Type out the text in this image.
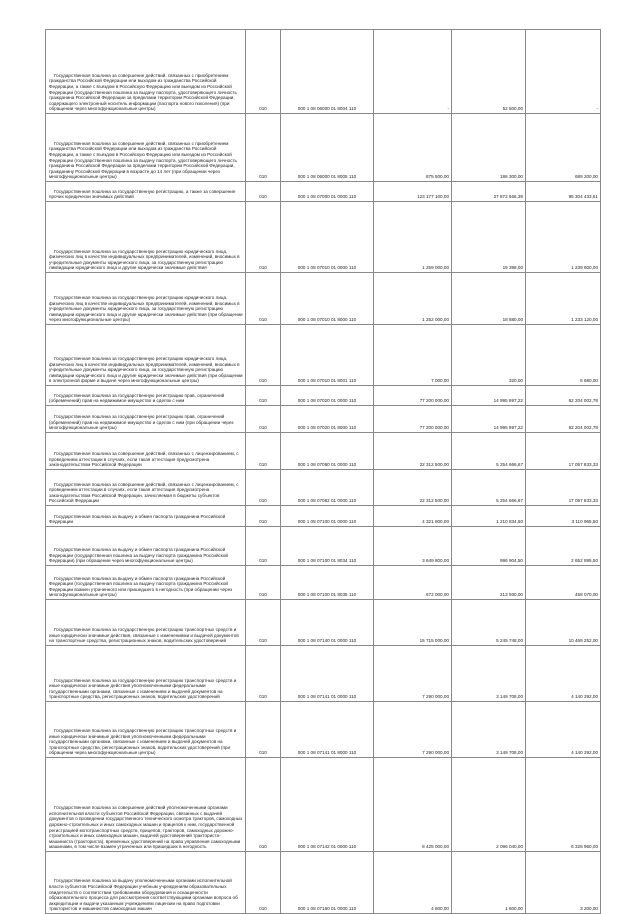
Государственная пошлина за совершение действий, связанных с приобретением гражданства Российской Федерации или выходом из гражданства Российской Федерации, а также с въездом в Российскую Федерацию или выездом из Российской Федерации (государственная пошлина за выдачу паспорта, удостоверяющего личность гражданина Российской Федерации за пределами территории Российской Федерации, содержащего электронный носитель информации (паспорта нового поколения) (при обращении через многофункциональные центры)	010	000 1 08 06000 01 8004 110	-	52 500,00	-

Государственная пошлина за совершение действий, связанных с приобретением гражданства Российской Федерации или выходом из гражданства Российской Федерации, а также с въездом в Российскую Федерацию или выездом из Российской Федерации (государственная пошлина за выдачу паспорта, удостоверяющего личность гражданина Российской Федерации за пределами территории Российской Федерации, гражданину Российской Федерации в возрасте до 14 лет (при обращении через многофункциональные центры)	010	000 1 08 06000 01 8005 110	875 500,00	186 300,00	689 200,00

Государственная пошлина за государственную регистрацию, а также за совершение прочих юридически значимых действий	010	000 1 08 07000 01 0000 110	123 177 100,00	27 872 666,39	95 304 433,61

Государственная пошлина за государственную регистрацию юридического лица, физических лиц в качестве индивидуальных предпринимателей, изменений, вносимых в учредительные документы юридического лица, за государственную регистрацию ликвидации юридического лица и другие юридически значимые действия	010	000 1 08 07010 01 0000 110	1 259 000,00	19 398,00	1 239 600,00

Государственная пошлина за государственную регистрацию юридического лица, физических лиц в качестве индивидуальных предпринимателей, изменений, вносимых в учредительные документы юридического лица, за государственную регистрацию ликвидации юридического лица и другие юридически значимые действия (при обращении через многофункциональные центры)	010	000 1 08 07010 01 8000 110	1 252 000,00	18 880,00	1 233 120,00

Государственная пошлина за государственную регистрацию юридического лица, физических лиц в качестве индивидуальных предпринимателей, изменений, вносимых в учредительные документы юридического лица, за государственную регистрацию ликвидации юридического лица и другие юридически значимые действия (при обращении в электронной форме и выдаче через многофункциональные центры)	010	000 1 08 07010 01 8001 110	7 000,00	320,00	6 680,00

Государственная пошлина за государственную регистрацию прав, ограничений (обременений) прав на недвижимое имущество и сделок с ним	010	000 1 08 07020 01 0000 110	77 200 000,00	14 995 997,22	62 204 002,78

Государственная пошлина за государственную регистрацию прав, ограничений (обременений) прав на недвижимое имущество и сделок с ним (при обращении через многофункциональные центры)	010	000 1 08 07020 01 8000 110	77 200 000,00	14 995 997,22	62 204 002,78

Государственная пошлина за совершение действий, связанных с лицензированием, с проведением аттестации в случаях, если такая аттестация предусмотрена законодательством Российской Федерации	010	000 1 08 07080 01 0000 110	22 312 500,00	5 254 666,67	17 057 833,33

Государственная пошлина за совершение действий, связанных с лицензированием, с проведением аттестации в случаях, если такая аттестация предусмотрена законодательством Российской Федерации, зачисляемая в бюджеты субъектов Российской Федерации	010	000 1 08 07082 01 0000 110	22 312 500,00	5 254 666,67	17 057 833,33

Государственная пошлина за выдачу и обмен паспорта гражданина Российской Федерации	010	000 1 08 07100 01 0000 110	4 321 800,00	1 210 834,50	3 110 965,50

Государственная пошлина за выдачу и обмен паспорта гражданина Российской Федерации (государственная пошлина за выдачу паспорта гражданина Российской Федерации) (при обращении через многофункциональные центры)	010	000 1 08 07100 01 8034 110	3 649 800,00	996 904,50	2 652 895,50

Государственная пошлина за выдачу и обмен паспорта гражданина Российской Федерации (государственная пошлина за выдачу паспорта гражданина Российской Федерации взамен утраченного или пришедшего в негодность (при обращении через многофункциональные центры)	010	000 1 08 07100 01 8035 110	672 000,00	213 930,00	458 070,00

Государственная пошлина за государственную регистрацию транспортных средств и иные юридически значимые действия, связанные с изменениями и выдачей документов на транспортные средства, регистрационных знаков, водительских удостоверений	010	000 1 08 07140 01 0000 110	15 715 000,00	5 245 748,00	10 469 252,00

Государственная пошлина за государственную регистрацию транспортных средств и иные юридически значимые действия уполномоченными федеральными государственными органами, связанные с изменением и выдачей документов на транспортные средства, регистрационных знаков, водительских удостоверений	010	000 1 08 07141 01 0000 110	7 290 000,00	3 149 708,00	4 140 292,00

Государственная пошлина за государственную регистрацию транспортных средств и иные юридически значимые действия уполномоченными федеральными государственными органами, связанные с изменением и выдачей документов на транспортные средства, регистрационных знаков, водительских удостоверений (при обращении через многофункциональные центры)	010	000 1 08 07141 01 8000 110	7 290 000,00	3 149 708,00	4 140 292,00

Государственная пошлина за совершение действий уполномоченными органами исполнительной власти субъектов Российской Федерации, связанных с выдачей документов о проведении государственного технического осмотра тракторов, самоходных дорожно-строительных и иных самоходных машин и прицепов к ним, государственной регистрацией мототранспортных средств, прицепов, тракторов, самоходных дорожно-строительных и иных самоходных машин, выдачей удостоверений тракториста-машиниста (тракториста), временных удостоверений на право управления самоходными машинами, в том числе взамен утраченных или пришедших в негодность	010	000 1 08 07142 01 0000 110	8 425 000,00	2 096 040,00	6 328 960,00

Государственная пошлина за выдачу уполномоченными органами исполнительной власти субъектов Российской Федерации учебным учреждениям образовательных свидетельств о соответствии требованиям оборудования и оснащенности образовательного процесса для рассмотрения соответствующими органами вопроса об аккредитации и выдачи указанным учреждениям лицензии на право подготовки трактористов и машинистов самоходных машин	010	000 1 08 07160 01 0000 110	4 800,00	1 600,00	3 200,00
